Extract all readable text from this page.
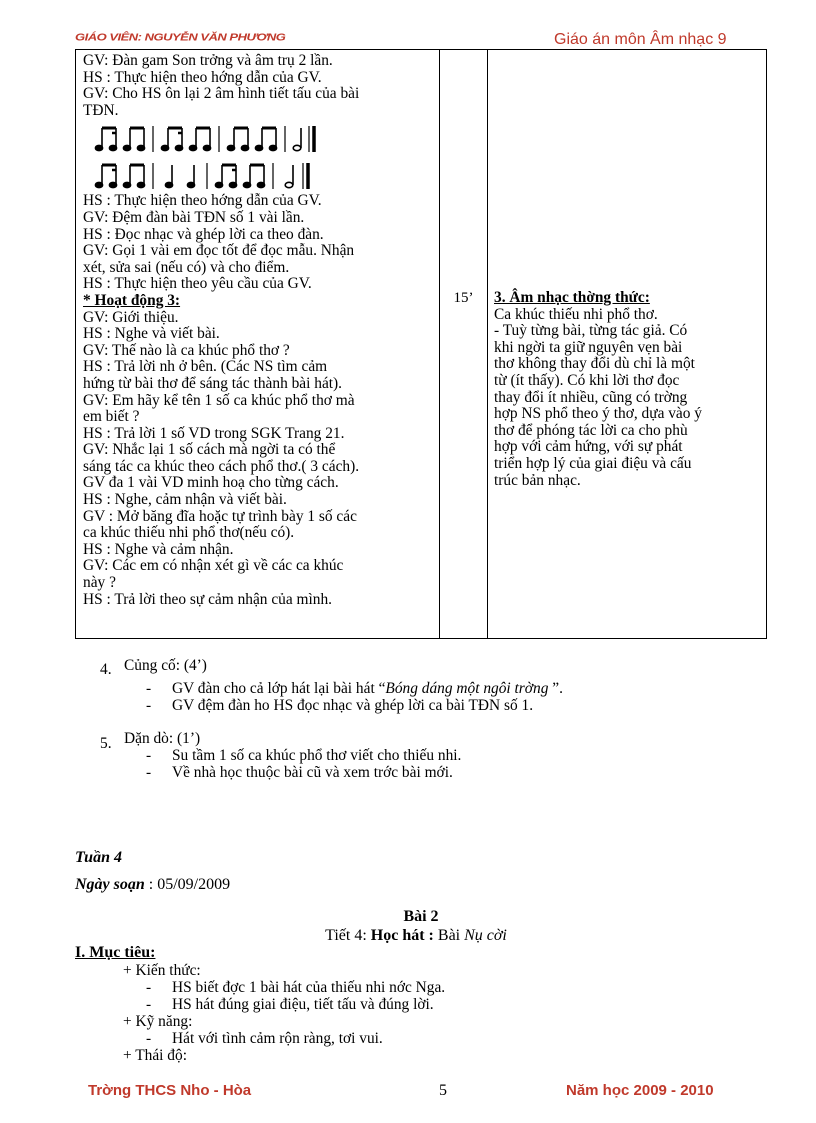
GIÁO VIÊN: NGUYỄN VĂN PHƯƠNG	Giáo án môn Âm nhạc 9
GV: Đàn gam Son trởng và âm trụ 2 lần.
HS : Thực hiện theo hớng dẫn của GV.
GV: Cho HS ôn lại 2 âm hình tiết tấu của bài
TĐN.
HS : Thực hiện theo hớng dẫn của GV.
GV: Đệm đàn bài TĐN số 1 vài lần.
HS : Đọc nhạc và ghép lời ca theo đàn.
GV: Gọi 1 vài em đọc tốt để đọc mẫu. Nhận
xét, sửa sai (nếu có) và cho điểm.
HS : Thực hiện theo yêu cầu của GV.
* Hoạt động 3:
GV: Giới thiệu.
HS : Nghe và viết bài.
GV: Thế nào là ca khúc phổ thơ ?
HS : Trả lời nh ở bên. (Các NS tìm cảm
hứng từ bài thơ để sáng tác thành bài hát).
GV: Em hãy kể tên 1 số ca khúc phổ thơ mà
em biết ?
HS : Trả lời 1 số VD trong SGK Trang 21.
GV: Nhắc lại 1 số cách mà ngời ta có thể
sáng tác ca khúc theo cách phổ thơ.( 3 cách).
GV đa 1 vài VD minh hoạ cho từng cách.
HS : Nghe, cảm nhận và viết bài.
GV : Mở băng đĩa hoặc tự trình bày 1 số các
ca khúc thiếu nhi phổ thơ(nếu có).
HS : Nghe và cảm nhận.
GV: Các em có nhận xét gì về các ca khúc
này ?
HS : Trả lời theo sự cảm nhận của mình.
	15’	3. Âm nhạc thờng thức:
Ca khúc thiếu nhi phổ thơ.
- Tuỳ từng bài, từng tác giả. Có
khi ngời ta giữ nguyên vẹn bài
thơ không thay đổi dù chỉ là một
từ (ít thấy). Có khi lời thơ đọc
thay đổi ít nhiều, cũng có trờng
hợp NS phổ theo ý thơ, dựa vào ý
thơ để phóng tác lời ca cho phù
hợp với cảm hứng, với sự phát
triển hợp lý của giai điệu và cấu
trúc bản nhạc.
4. Củng cố: (4’)
- GV đàn cho cả lớp hát lại bài hát “Bóng dáng một ngôi trờng ”.
- GV đệm đàn ho HS đọc nhạc và ghép lời ca bài TĐN số 1.
5. Dặn dò: (1’)
- Su tầm 1 số ca khúc phổ thơ viết cho thiếu nhi.
- Về nhà học thuộc bài cũ và xem trớc bài mới.
Tuần 4
Ngày soạn : 05/09/2009
Bài 2
Tiết 4: Học hát : Bài Nụ cời
I. Mục tiêu:
+ Kiến thức:
- HS biết đợc 1 bài hát của thiếu nhi nớc Nga.
- HS hát đúng giai điệu, tiết tấu và đúng lời.
+ Kỹ năng:
- Hát với tình cảm rộn ràng, tơi vui.
+ Thái độ:
Trờng THCS Nho - Hòa	5	Năm học 2009 - 2010
